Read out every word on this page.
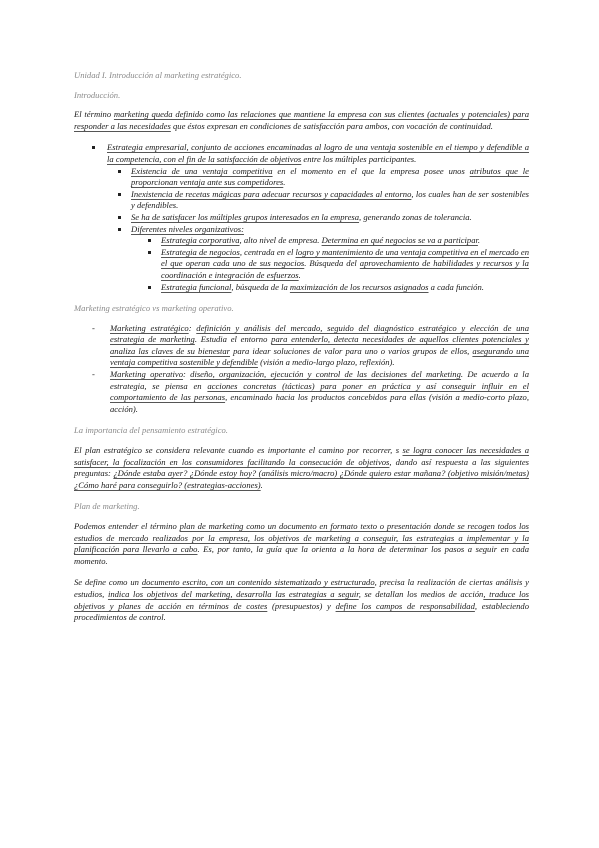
Unidad I. Introducción al marketing estratégico.

Introducción.

El término marketing queda definido como las relaciones que mantiene la empresa con sus clientes (actuales y potenciales) para responder a las necesidades que éstos expresan en condiciones de satisfacción para ambos, con vocación de continuidad.

Estrategia empresarial, conjunto de acciones encaminadas al logro de una ventaja sostenible en el tiempo y defendible a la competencia, con el fin de la satisfacción de objetivos entre los múltiples participantes.
Existencia de una ventaja competitiva en el momento en el que la empresa posee unos atributos que le proporcionan ventaja ante sus competidores.
Inexistencia de recetas mágicas para adecuar recursos y capacidades al entorno, los cuales han de ser sostenibles y defendibles.
Se ha de satisfacer los múltiples grupos interesados en la empresa, generando zonas de tolerancia.
Diferentes niveles organizativos:
Estrategia corporativa, alto nivel de empresa. Determina en qué negocios se va a participar.
Estrategia de negocios, centrada en el logro y mantenimiento de una ventaja competitiva en el mercado en el que operan cada uno de sus negocios. Búsqueda del aprovechamiento de habilidades y recursos y la coordinación e integración de esfuerzos.
Estrategia funcional, búsqueda de la maximización de los recursos asignados a cada función.

Marketing estratégico vs marketing operativo.

- Marketing estratégico: definición y análisis del mercado, seguido del diagnóstico estratégico y elección de una estrategia de marketing. Estudia el entorno para entenderlo, detecta necesidades de aquellos clientes potenciales y analiza las claves de su bienestar para idear soluciones de valor para uno o varios grupos de ellos, asegurando una ventaja competitiva sostenible y defendible (visión a medio-largo plazo, reflexión).
- Marketing operativo: diseño, organización, ejecución y control de las decisiones del marketing. De acuerdo a la estrategia, se piensa en acciones concretas (tácticas) para poner en práctica y así conseguir influir en el comportamiento de las personas, encaminado hacia los productos concebidos para ellas (visión a medio-corto plazo, acción).

La importancia del pensamiento estratégico.

El plan estratégico se considera relevante cuando es importante el camino por recorrer, s se logra conocer las necesidades a satisfacer, la focalización en los consumidores facilitando la consecución de objetivos, dando así respuesta a las siguientes preguntas: ¿Dónde estaba ayer? ¿Dónde estoy hoy? (análisis micro/macro) ¿Dónde quiero estar mañana? (objetivo misión/metas) ¿Cómo haré para conseguirlo? (estrategias-acciones).

Plan de marketing.

Podemos entender el término plan de marketing como un documento en formato texto o presentación donde se recogen todos los estudios de mercado realizados por la empresa, los objetivos de marketing a conseguir, las estrategias a implementar y la planificación para llevarlo a cabo. Es, por tanto, la guía que la orienta a la hora de determinar los pasos a seguir en cada momento.

Se define como un documento escrito, con un contenido sistematizado y estructurado, precisa la realización de ciertas análisis y estudios, indica los objetivos del marketing, desarrolla las estrategias a seguir, se detallan los medios de acción, traduce los objetivos y planes de acción en términos de costes (presupuestos) y define los campos de responsabilidad, estableciendo procedimientos de control.
